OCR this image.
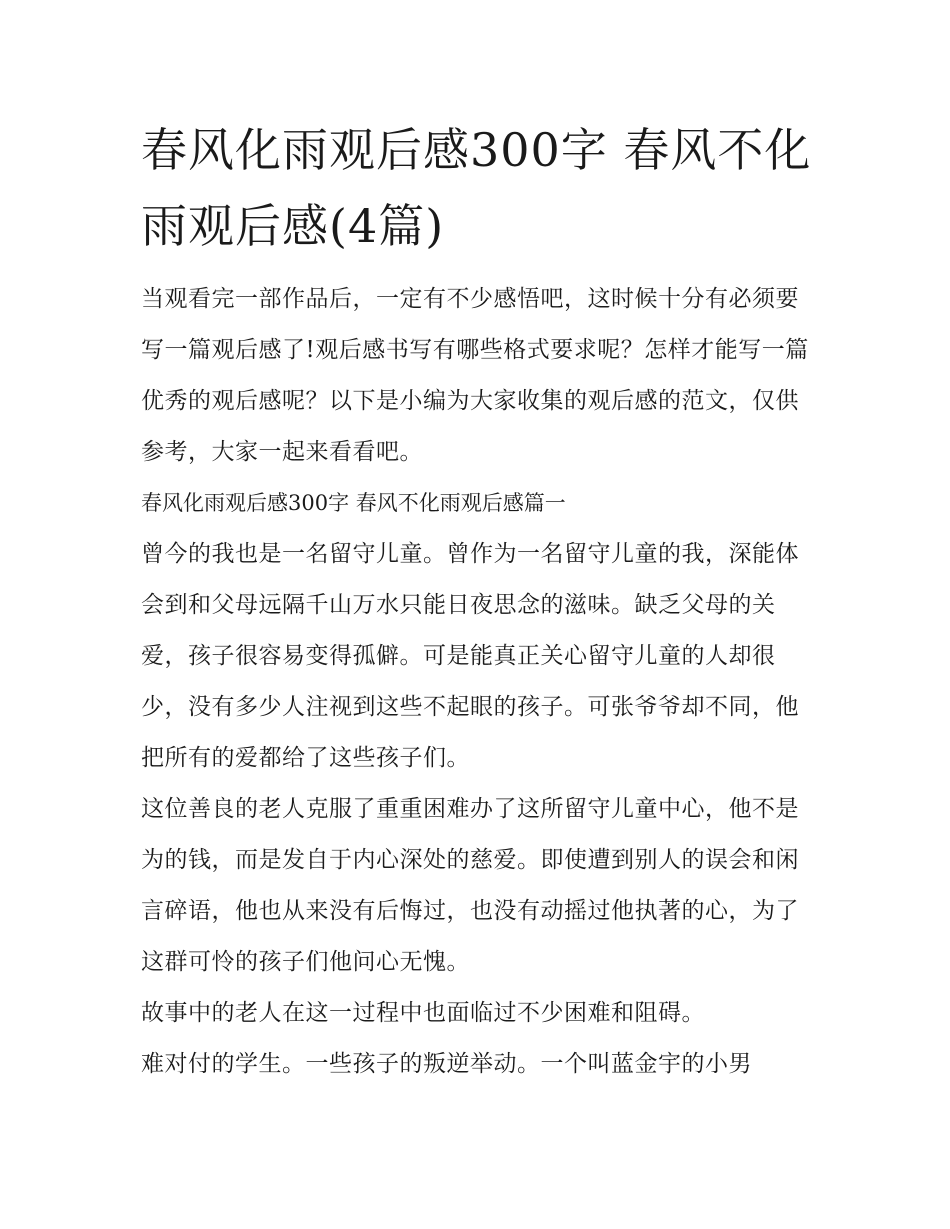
春风化雨观后感300字 春风不化雨观后感(4篇)

当观看完一部作品后，一定有不少感悟吧，这时候十分有必须要写一篇观后感了!观后感书写有哪些格式要求呢？怎样才能写一篇优秀的观后感呢？以下是小编为大家收集的观后感的范文，仅供参考，大家一起来看看吧。

春风化雨观后感300字 春风不化雨观后感篇一

曾今的我也是一名留守儿童。曾作为一名留守儿童的我，深能体会到和父母远隔千山万水只能日夜思念的滋味。缺乏父母的关爱，孩子很容易变得孤僻。可是能真正关心留守儿童的人却很少，没有多少人注视到这些不起眼的孩子。可张爷爷却不同，他把所有的爱都给了这些孩子们。

这位善良的老人克服了重重困难办了这所留守儿童中心，他不是为的钱，而是发自于内心深处的慈爱。即使遭到别人的误会和闲言碎语，他也从来没有后悔过，也没有动摇过他执著的心，为了这群可怜的孩子们他问心无愧。

故事中的老人在这一过程中也面临过不少困难和阻碍。

难对付的学生。一些孩子的叛逆举动。一个叫蓝金宇的小男
